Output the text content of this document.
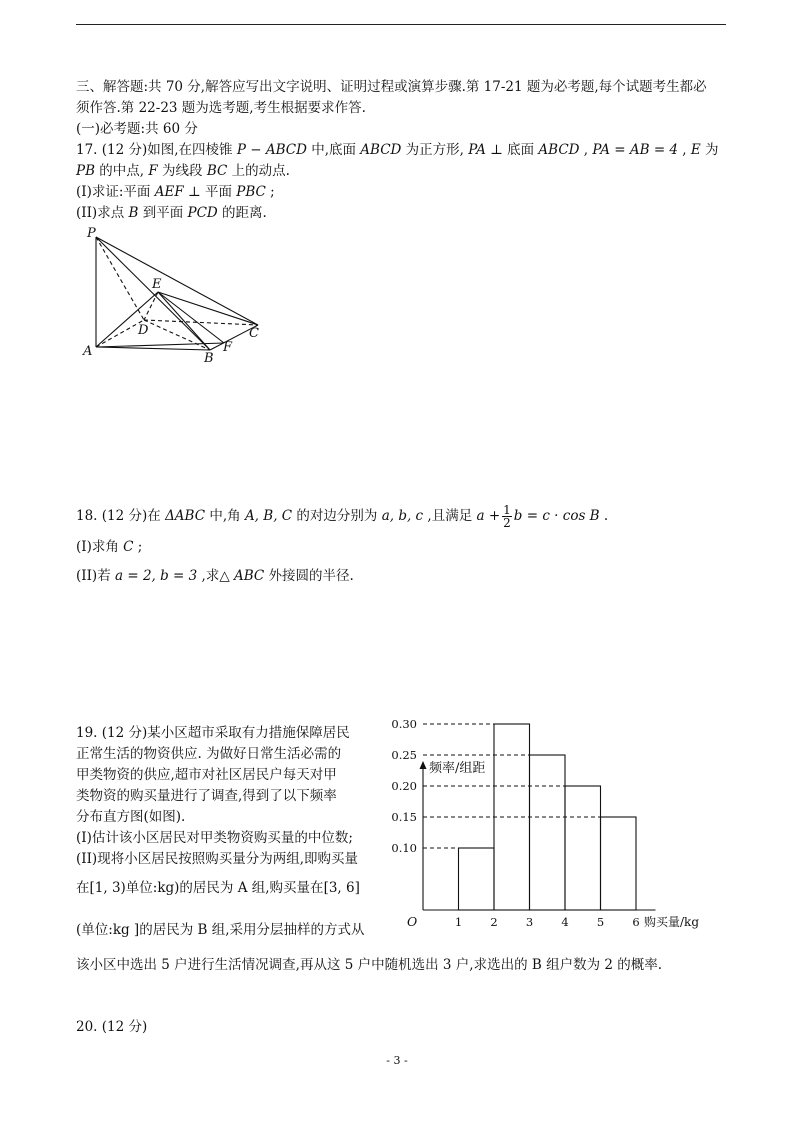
三、解答题:共 70 分,解答应写出文字说明、证明过程或演算步骤.第 17-21 题为必考题,每个试题考生都必
须作答.第 22-23 题为选考题,考生根据要求作答.
(一)必考题:共 60 分
17. (12 分)如图,在四棱锥 P − ABCD 中,底面 ABCD 为正方形, PA ⊥ 底面 ABCD , PA = AB = 4 , E 为
PB 的中点, F 为线段 BC 上的动点.
(I)求证:平面 AEF ⊥ 平面 PBC ;
(II)求点 B 到平面 PCD 的距离.
P
E
D	C
A	B
F
18. (12 分)在 ΔABC 中,角 A, B, C 的对边分别为 a, b, c ,且满足 $a + \frac{1}{2}$ b = c · cos B .
(I)求角 C ;
(II)若 a = 2, b = 3 ,求△ ABC 外接圆的半径.
19. (12 分)某小区超市采取有力措施保障居民
正常生活的物资供应. 为做好日常生活必需的
甲类物资的供应,超市对社区居民户每天对甲
类物资的购买量进行了调查,得到了以下频率
分布直方图(如图).
(I)估计该小区居民对甲类物资购买量的中位数;
(II)现将小区居民按照购买量分为两组,即购买量
在[1, 3)单位:kg)的居民为 A 组,购买量在[3, 6]
(单位:kg ]的居民为 B 组,采用分层抽样的方式从
该小区中选出 5 户进行生活情况调查,再从这 5 户中随机选出 3 户,求选出的 B 组户数为 2 的概率.
0.30
0.25
0.20
0.15
0.10
1 2 3 4 5 6
O
频率/组距
购买量/kg
20. (12 分)
- 3 -
